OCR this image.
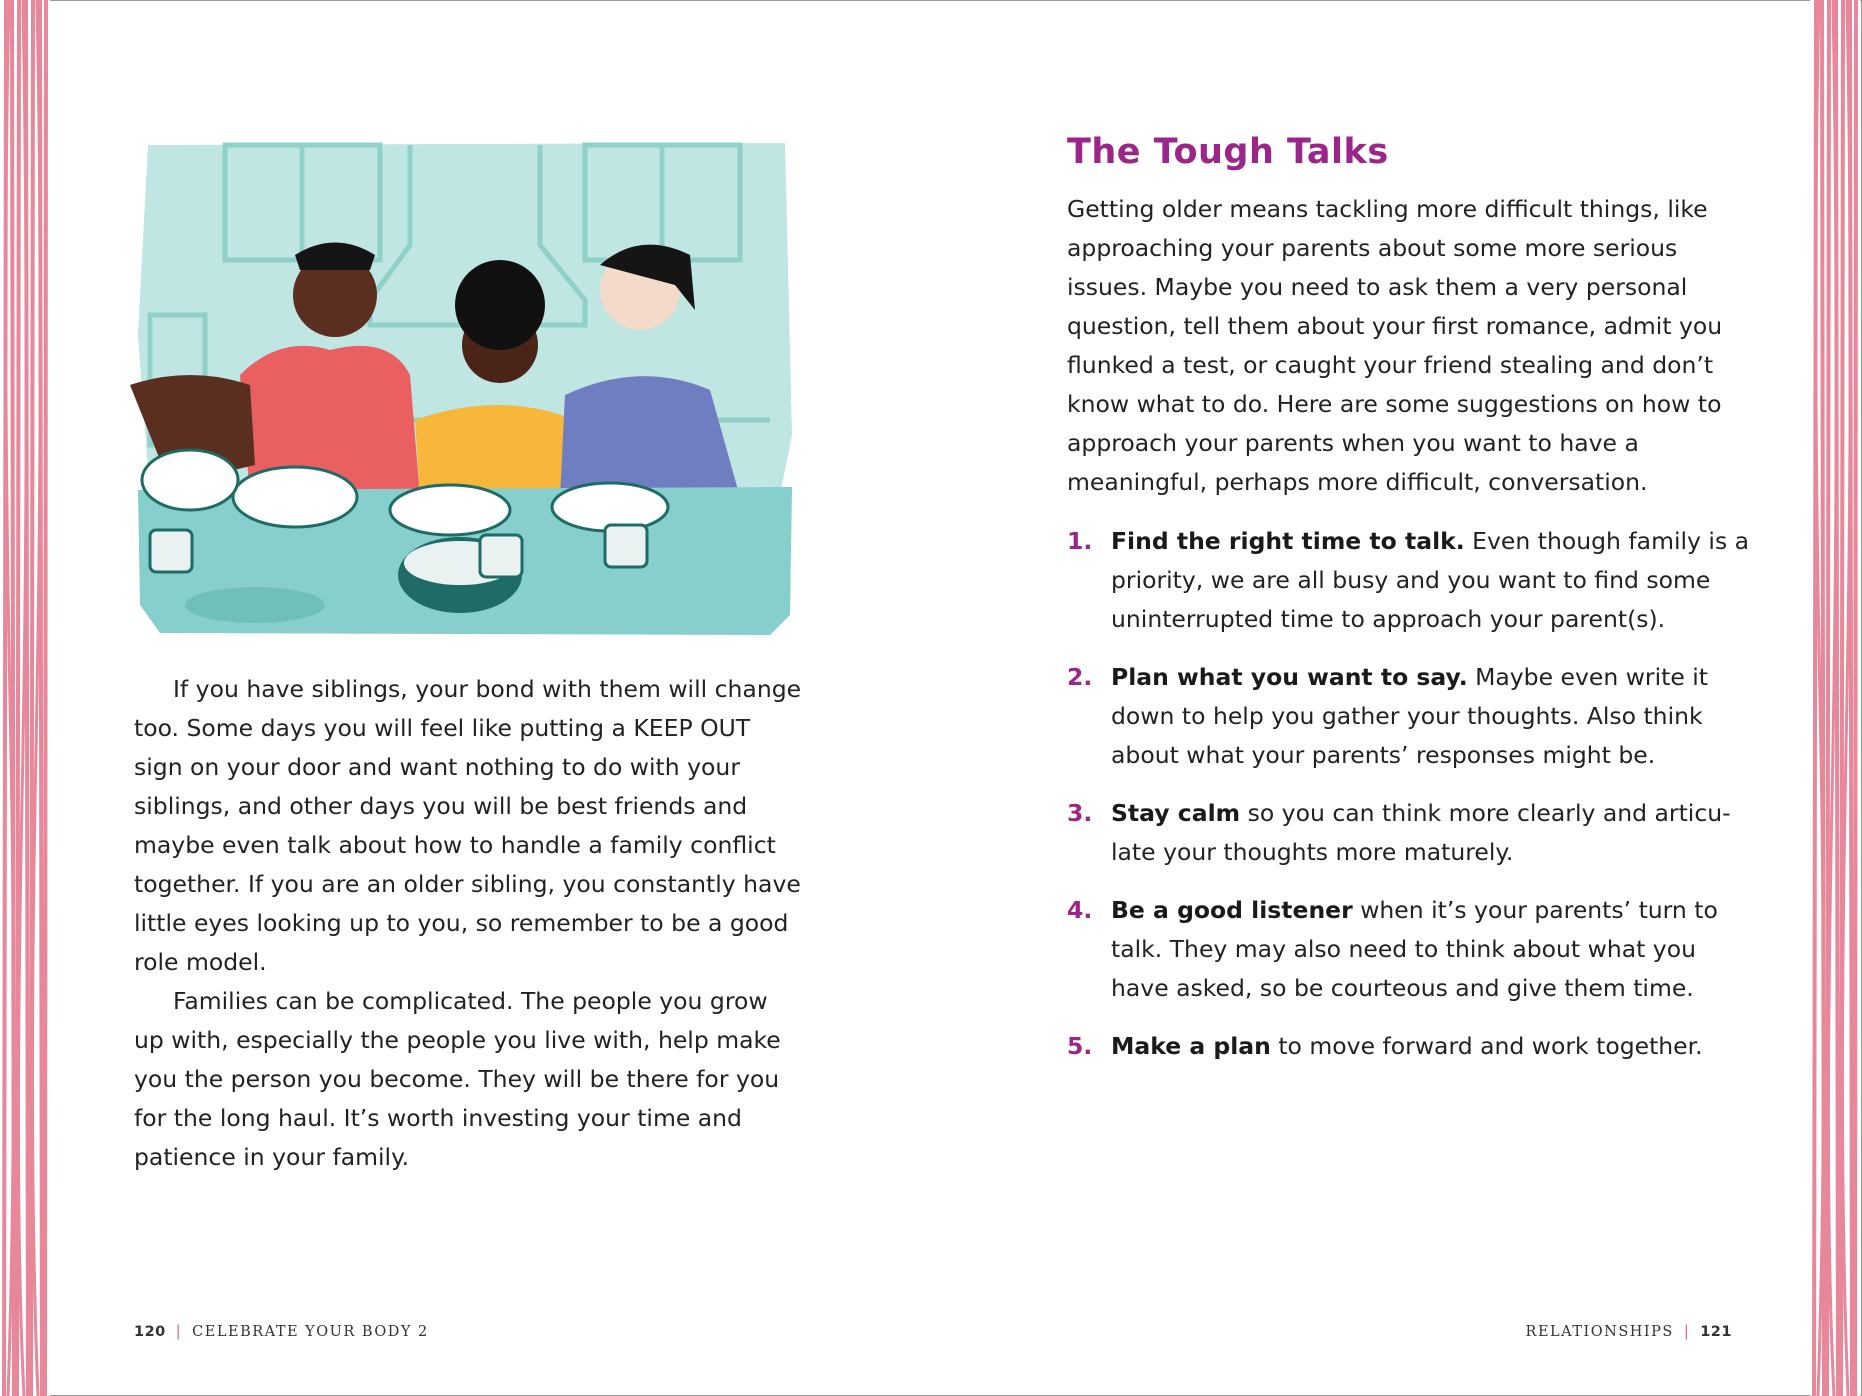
If you have siblings, your bond with them will change too. Some days you will feel like putting a KEEP OUT sign on your door and want nothing to do with your siblings, and other days you will be best friends and maybe even talk about how to handle a family conflict together. If you are an older sibling, you constantly have little eyes looking up to you, so remember to be a good role model.

Families can be complicated. The people you grow up with, especially the people you live with, help make you the person you become. They will be there for you for the long haul. It’s worth investing your time and patience in your family.

The Tough Talks

Getting older means tackling more difficult things, like approaching your parents about some more serious issues. Maybe you need to ask them a very personal question, tell them about your first romance, admit you flunked a test, or caught your friend stealing and don’t know what to do. Here are some suggestions on how to approach your parents when you want to have a meaningful, perhaps more difficult, conversation.

1. Find the right time to talk. Even though family is a priority, we are all busy and you want to find some uninterrupted time to approach your parent(s).
2. Plan what you want to say. Maybe even write it down to help you gather your thoughts. Also think about what your parents’ responses might be.
3. Stay calm so you can think more clearly and articu-late your thoughts more maturely.
4. Be a good listener when it’s your parents’ turn to talk. They may also need to think about what you have asked, so be courteous and give them time.
5. Make a plan to move forward and work together.
120 | CELEBRATE YOUR BODY 2	RELATIONSHIPS | 121
